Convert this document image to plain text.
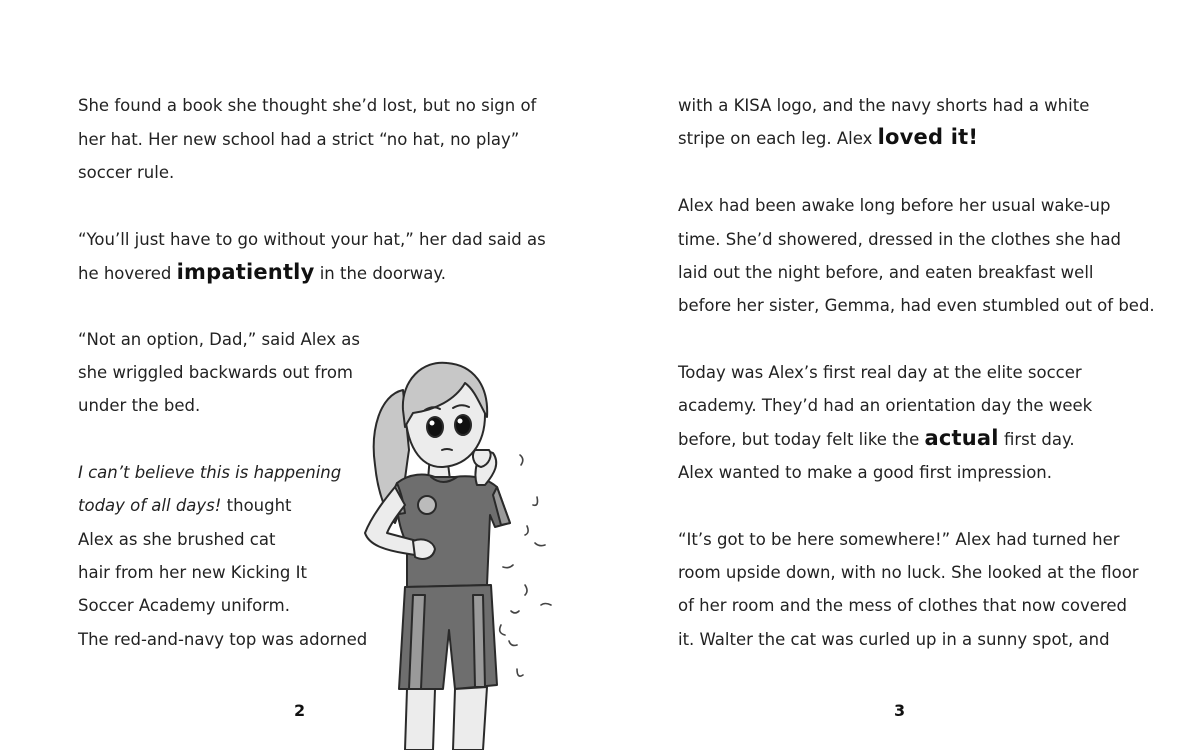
She found a book she thought she’d lost, but no sign of

her hat. Her new school had a strict “no hat, no play”

soccer rule.

“You’ll just have to go without your hat,” her dad said as

he hovered impatiently in the doorway.

“Not an option, Dad,” said Alex as

she wriggled backwards out from

under the bed.

I can’t believe this is happening

today of all days! thought

Alex as she brushed cat

hair from her new Kicking It

Soccer Academy uniform.

The red-and-navy top was adorned

2

with a KISA logo, and the navy shorts had a white

stripe on each leg. Alex loved it!

Alex had been awake long before her usual wake-up

time. She’d showered, dressed in the clothes she had

laid out the night before, and eaten breakfast well

before her sister, Gemma, had even stumbled out of bed.

Today was Alex’s first real day at the elite soccer

academy. They’d had an orientation day the week

before, but today felt like the actual first day.

Alex wanted to make a good first impression.

“It’s got to be here somewhere!” Alex had turned her

room upside down, with no luck. She looked at the floor

of her room and the mess of clothes that now covered

it. Walter the cat was curled up in a sunny spot, and

3
